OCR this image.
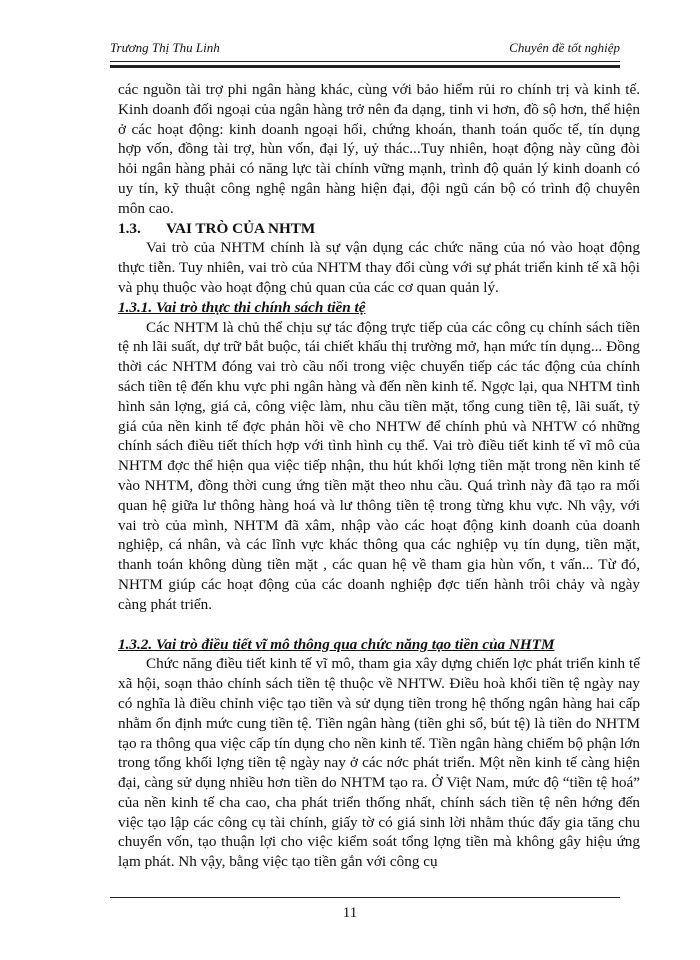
Trương Thị Thu Linh	Chuyên đề tốt nghiệp

các nguồn tài trợ phi ngân hàng khác, cùng với bảo hiểm rủi ro chính trị và kinh tế. Kinh doanh đối ngoại của ngân hàng trở nên đa dạng, tinh vi hơn, đồ sộ hơn, thể hiện ở các hoạt động: kinh doanh ngoại hối, chứng khoán, thanh toán quốc tế, tín dụng hợp vốn, đồng tài trợ, hùn vốn, đại lý, uỷ thác...Tuy nhiên, hoạt động này cũng đòi hỏi ngân hàng phải có năng lực tài chính vững mạnh, trình độ quản lý kinh doanh có uy tín, kỹ thuật công nghệ ngân hàng hiện đại, đội ngũ cán bộ có trình độ chuyên môn cao.

1.3.	VAI TRÒ CỦA NHTM

Vai trò của NHTM chính là sự vận dụng các chức năng của nó vào hoạt động thực tiễn. Tuy nhiên, vai trò của NHTM thay đổi cùng với sự phát triển kinh tế xã hội và phụ thuộc vào hoạt động chủ quan của các cơ quan quản lý.

1.3.1. Vai trò thực thi chính sách tiền tệ

Các NHTM là chủ thể chịu sự tác động trực tiếp của các công cụ chính sách tiền tệ nh lãi suất, dự trữ bắt buộc, tái chiết khấu thị trường mở, hạn mức tín dụng... Đồng thời các NHTM đóng vai trò cầu nối trong việc chuyển tiếp các tác động của chính sách tiền tệ đến khu vực phi ngân hàng và đến nền kinh tế. Ngợc lại, qua NHTM tình hình sản lợng, giá cả, công việc làm, nhu cầu tiền mặt, tổng cung tiền tệ, lãi suất, tỷ giá của nền kinh tế đợc phản hồi về cho NHTW để chính phủ và NHTW có những chính sách điều tiết thích hợp với tình hình cụ thể. Vai trò điều tiết kinh tế vĩ mô của NHTM đợc thể hiện qua việc tiếp nhận, thu hút khối lợng tiền mặt trong nền kinh tế vào NHTM, đồng thời cung ứng tiền mặt theo nhu cầu. Quá trình này đã tạo ra mối quan hệ giữa lư thông hàng hoá và lư thông tiền tệ trong từng khu vực. Nh vậy, với vai trò của mình, NHTM đã xâm, nhập vào các hoạt động kinh doanh của doanh nghiệp, cá nhân, và các lĩnh vực khác thông qua các nghiệp vụ tín dụng, tiền mặt, thanh toán không dùng tiền mặt , các quan hệ về tham gia hùn vốn, t vấn... Từ đó, NHTM giúp các hoạt động của các doanh nghiệp đợc tiến hành trôi chảy và ngày càng phát triển.

1.3.2. Vai trò điều tiết vĩ mô thông qua chức năng tạo tiền của NHTM

Chức năng điều tiết kinh tế vĩ mô, tham gia xây dựng chiến lợc phát triển kinh tế xã hội, soạn thảo chính sách tiền tệ thuộc về NHTW. Điều hoà khối tiền tệ ngày nay có nghĩa là điều chỉnh việc tạo tiền và sử dụng tiền trong hệ thống ngân hàng hai cấp nhằm ổn định mức cung tiền tệ. Tiền ngân hàng (tiền ghi sổ, bút tệ) là tiền do NHTM tạo ra thông qua việc cấp tín dụng cho nền kinh tế. Tiền ngân hàng chiếm bộ phận lớn trong tổng khối lợng tiền tệ ngày nay ở các nớc phát triển. Một nền kinh tế càng hiện đại, càng sử dụng nhiều hơn tiền do NHTM tạo ra. Ở Việt Nam, mức độ “tiền tệ hoá” của nền kinh tế cha cao, cha phát triển thống nhất, chính sách tiền tệ nên hớng đến việc tạo lập các công cụ tài chính, giấy tờ có giá sinh lời nhằm thúc đẩy gia tăng chu chuyển vốn, tạo thuận lợi cho việc kiểm soát tổng lợng tiền mà không gây hiệu ứng lạm phát. Nh vậy, bằng việc tạo tiền gắn với công cụ

11
